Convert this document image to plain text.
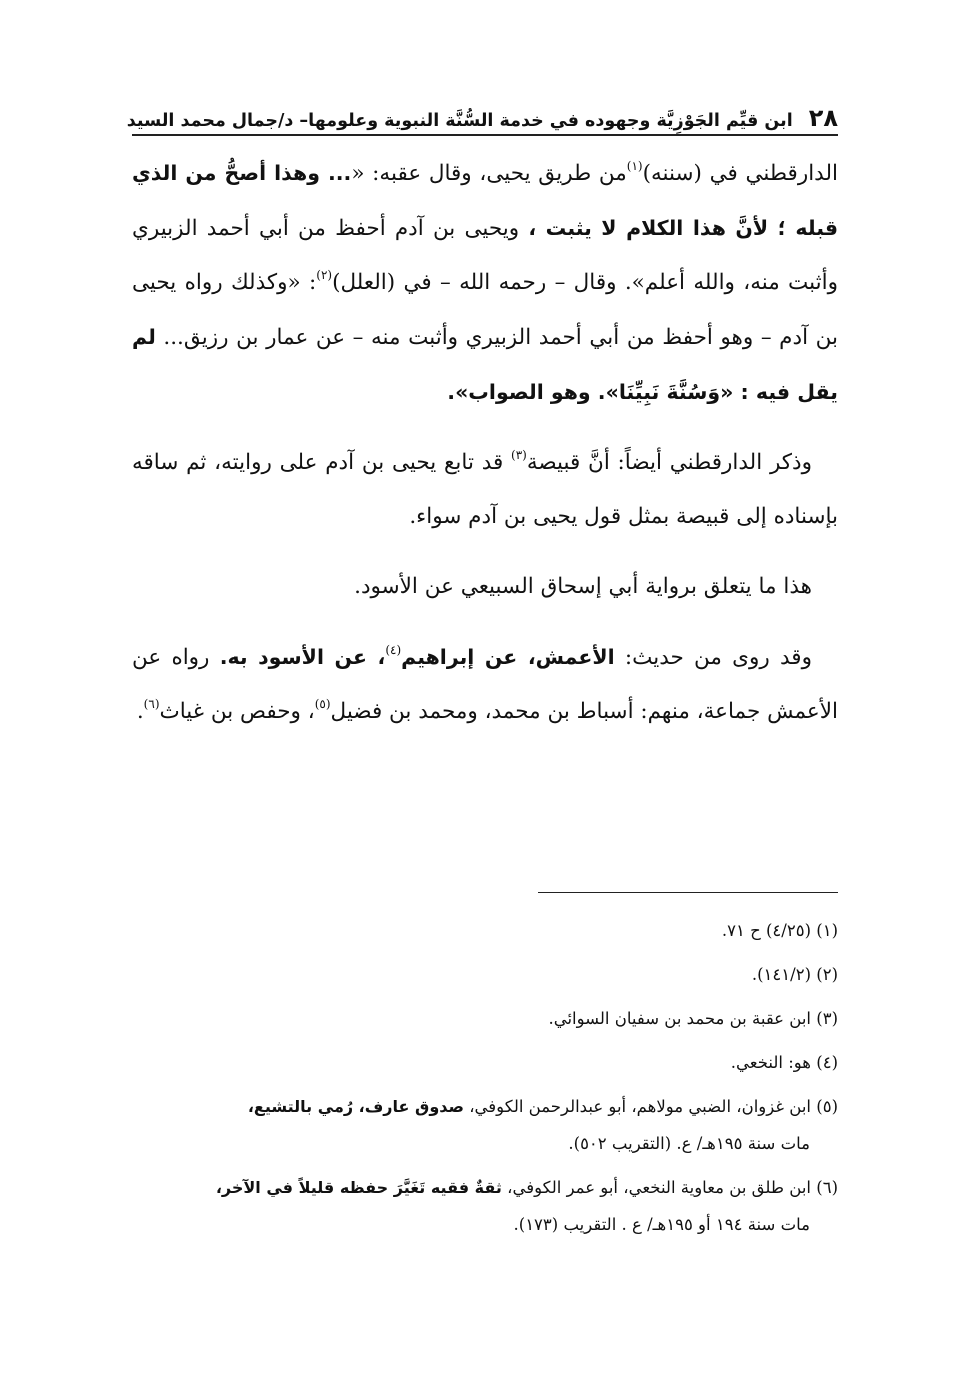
٢٨
ابن قيِّم الجَوْزِيَّة وجهوده في خدمة السُّنَّة النبوية وعلومها– د/جمال محمد السيد

الدارقطني في (سننه)$^{(١)}$من طريق يحيى، وقال عقبه: «... وهذا أصحُّ من الذي قبله ؛ لأنَّ هذا الكلام لا يثبت ، ويحيى بن آدم أحفظ من أبي أحمد الزبيري وأثبت منه، والله أعلم». وقال – رحمه الله – في (العلل)$^{(٢)}$: «وكذلك رواه يحيى بن آدم – وهو أحفظ من أبي أحمد الزبيري وأثبت منه – عن عمار بن رزيق... لم يقل فيه : «وَسُنَّةَ نَبِيِّنَا». وهو الصواب».

وذكر الدارقطني أيضاً: أنَّ قبيصة$^{(٣)}$ قد تابع يحيى بن آدم على روايته، ثم ساقه بإسناده إلى قبيصة بمثل قول يحيى بن آدم سواء.

هذا ما يتعلق برواية أبي إسحاق السبيعي عن الأسود.

وقد روى من حديث: الأعمش، عن إبراهيم$^{(٤)}$، عن الأسود به. رواه عن الأعمش جماعة، منهم: أسباط بن محمد، ومحمد بن فضيل$^{(٥)}$، وحفص بن غياث$^{(٦)}$.

(١) (٤/٢٥) ح ٧١.

(٢) (١٤١/٢).

(٣) ابن عقبة بن محمد بن سفيان السوائي.

(٤) هو: النخعي.

(٥) ابن غزوان، الضبي مولاهم، أبو عبدالرحمن الكوفي، صدوق عارف، رُمي بالتشيع،
مات سنة ١٩٥هـ/ ع. (التقريب ٥٠٢).

(٦) ابن طلق بن معاوية النخعي، أبو عمر الكوفي، ثقةٌ فقيه تَغَيَّرَ حفظه قليلاً في الآخر،
مات سنة ١٩٤ أو ١٩٥هـ/ ع . التقريب (١٧٣).
